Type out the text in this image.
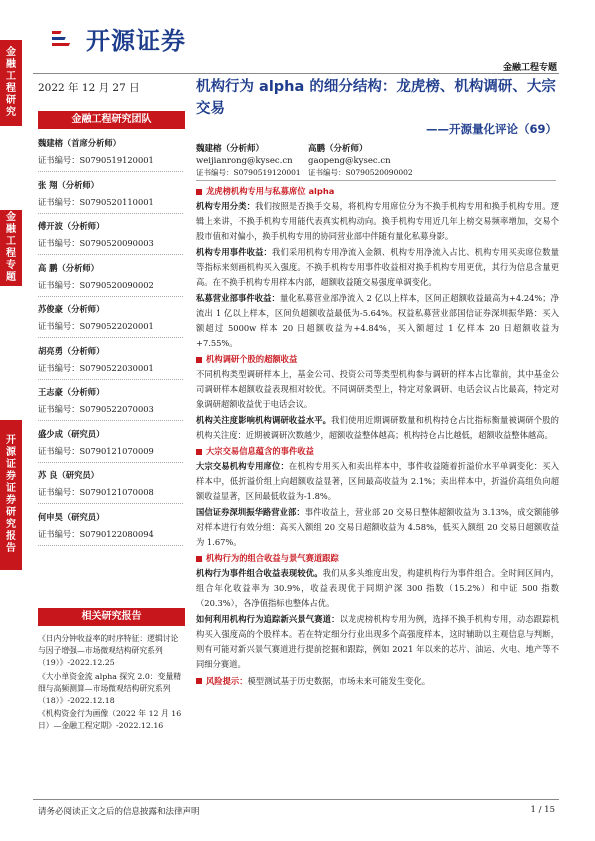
金融工程研究
金融工程专题
开源证券 证券研究报告
开源证券
金融工程专题
2022 年 12 月 27 日
金融工程研究团队
魏建榕（首席分析师）
证书编号：S0790519120001
张 翔（分析师）
证书编号：S0790520110001
傅开波（分析师）
证书编号：S0790520090003
高 鹏（分析师）
证书编号：S0790520090002
苏俊豪（分析师）
证书编号：S0790522020001
胡亮勇（分析师）
证书编号：S0790522030001
王志豪（分析师）
证书编号：S0790522070003
盛少成（研究员）
证书编号：S0790121070009
苏 良（研究员）
证书编号：S0790121070008
何申昊（研究员）
证书编号：S0790122080094
相关研究报告

《日内分钟收益率的时序特征：逻辑讨论与因子增强—市场微观结构研究系列（19）》-2022.12.25

《大小单资金流 alpha 探究 2.0：变量精细与高频测算—市场微观结构研究系列（18）》-2022.12.18

《机构资金行为画像（2022 年 12 月 16 日）—金融工程定期》-2022.12.16

机构行为 alpha 的细分结构：龙虎榜、机构调研、大宗交易
——开源量化评论（69）
魏建榕（分析师）
weijianrong@kysec.cn
证书编号：S0790519120001
高鹏（分析师）
gaopeng@kysec.cn
证书编号：S0790520090002
龙虎榜机构专用与私募席位 alpha

机构专用分类：我们按照是否换手交易，将机构专用席位分为不换手机构专用和换手机构专用。逻辑上来讲，不换手机构专用能代表真实机构动向。换手机构专用近几年上榜交易频率增加，交易个股市值和对偏小，换手机构专用的协同营业部中伴随有量化私募身影。

机构专用事件收益：我们采用机构专用净流入金额、机构专用净流入占比、机构专用买卖席位数量等指标来刻画机构买入强度。不换手机构专用事件收益相对换手机构专用更优，其行为信息含量更高。在不换手机构专用样本内部，超额收益随交易强度单调变化。

私募营业部事件收益：量化私募营业部净流入 2 亿以上样本，区间正超额收益最高为+4.24%；净流出 1 亿以上样本，区间负超额收益最低为-5.64%。权益私募营业部国信证券深圳振华路：买入额超过 5000w 样本 20 日超额收益为+4.84%，买入额超过 1 亿样本 20 日超额收益为+7.55%。

机构调研个股的超额收益

不同机构类型调研样本上，基金公司、投资公司等类型机构参与调研的样本占比靠前，其中基金公司调研样本超额收益表现相对较优。不同调研类型上，特定对象调研、电话会议占比最高，特定对象调研超额收益优于电话会议。

机构关注度影响机构调研收益水平。我们使用近期调研数量和机构持仓占比指标衡量被调研个股的机构关注度：近期被调研次数越少，超额收益整体越高；机构持仓占比越低，超额收益整体越高。

大宗交易信息蕴含的事件收益

大宗交易机构专用席位：在机构专用买入和卖出样本中，事件收益随着折溢价水平单调变化：买入样本中，低折溢价组上向超额收益显著，区间最高收益为 2.1%；卖出样本中，折溢价高组负向超额收益显著，区间最低收益为-1.8%。

国信证券深圳振华路营业部：事件收益上，营业部 20 交易日整体超额收益为 3.13%，成交额能够对样本进行有效分组：高买入额组 20 交易日超额收益为 4.58%，低买入额组 20 交易日超额收益为 1.67%。

机构行为的组合收益与景气赛道跟踪

机构行为事件组合收益表现较优。我们从多头维度出发，构建机构行为事件组合。全时间区间内，组合年化收益率为 30.9%，收益表现优于同期沪深 300 指数（15.2%）和中证 500 指数（20.3%），各净值指标也整体占优。

如何利用机构行为追踪新兴景气赛道：以龙虎榜机构专用为例，选择不换手机构专用，动态跟踪机构买入强度高的个股样本。若在特定细分行业出现多个高强度样本，这时辅助以主观信息与判断，则有可能对新兴景气赛道进行提前挖掘和跟踪，例如 2021 年以来的芯片、油运、火电、地产等不同细分赛道。

风险提示：模型测试基于历史数据，市场未来可能发生变化。
请务必阅读正文之后的信息披露和法律声明	1 / 15
